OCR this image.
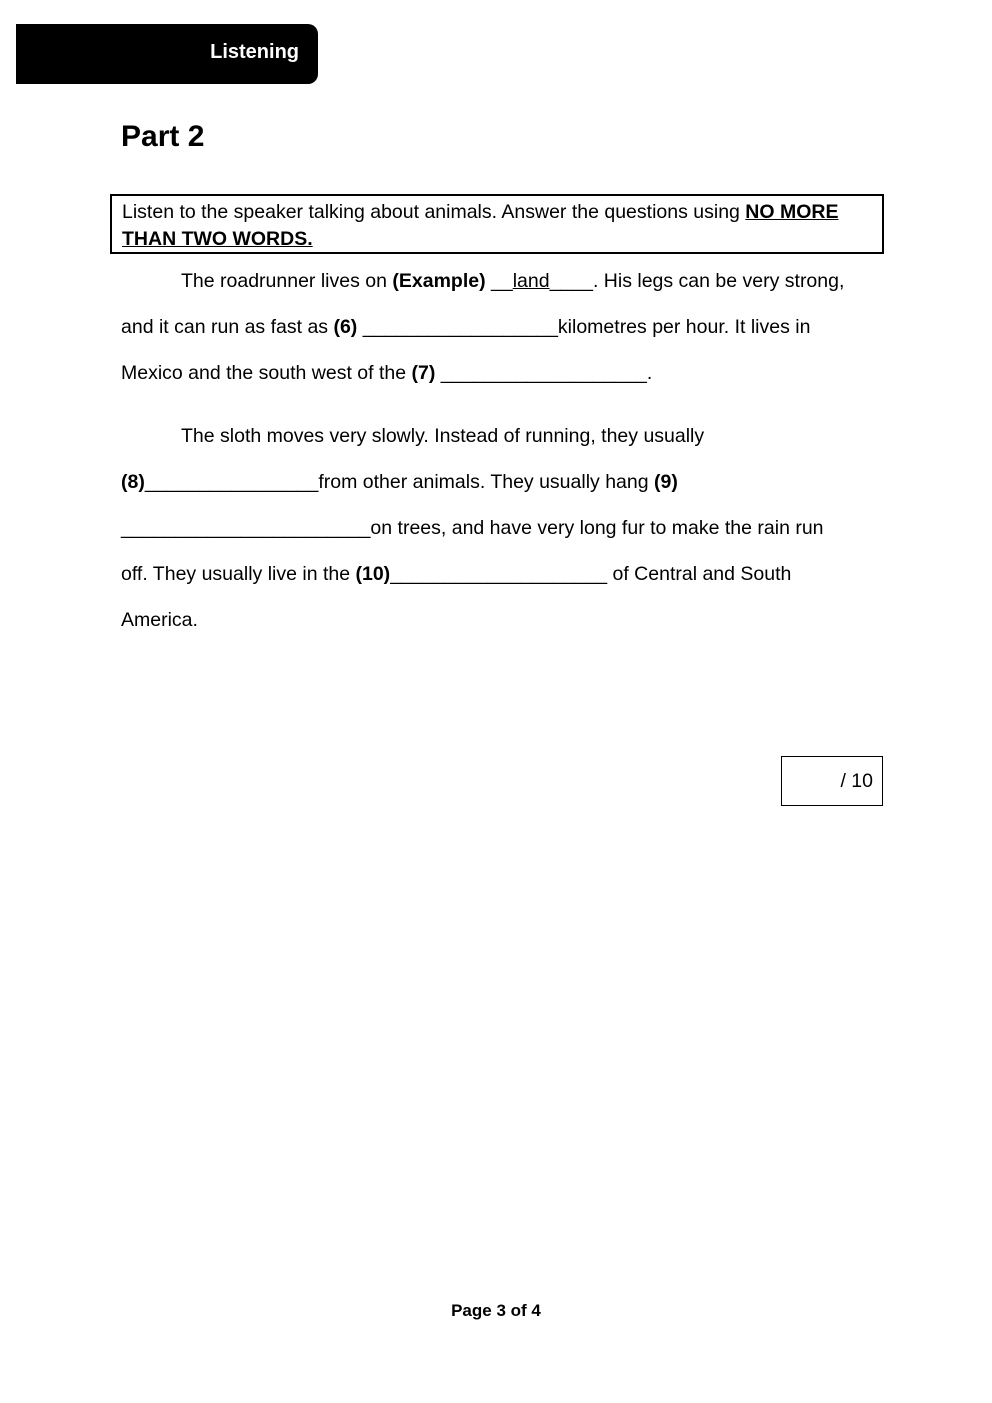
Listening
Part 2
Listen to the speaker talking about animals. Answer the questions using NO MORE
THAN TWO WORDS.
The roadrunner lives on (Example) __land____. His legs can be very strong,
and it can run as fast as (6) __________________kilometres per hour. It lives in
Mexico and the south west of the (7) ___________________.
The sloth moves very slowly. Instead of running, they usually
(8)________________from other animals. They usually hang (9)
_______________________on trees, and have very long fur to make the rain run
off. They usually live in the (10)____________________ of Central and South
America.
/ 10
Page 3 of 4
